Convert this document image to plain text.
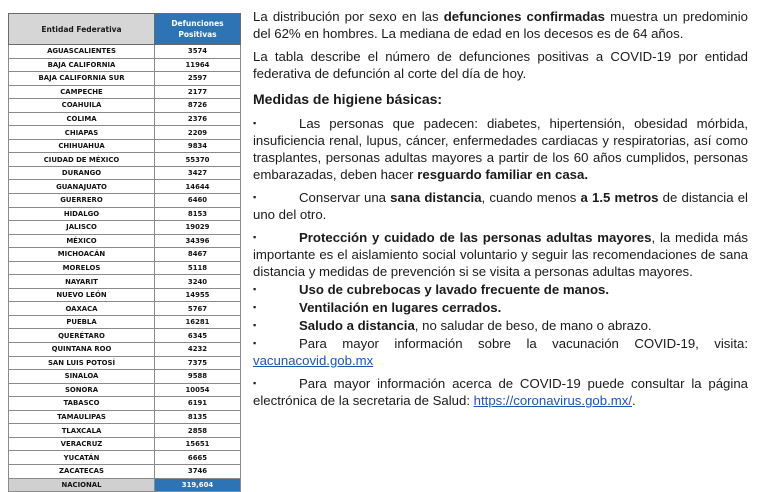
Entidad Federativa	Defunciones Positivas
AGUASCALIENTES	3574
BAJA CALIFORNIA	11964
BAJA CALIFORNIA SUR	2597
CAMPECHE	2177
COAHUILA	8726
COLIMA	2376
CHIAPAS	2209
CHIHUAHUA	9834
CIUDAD DE MÉXICO	55370
DURANGO	3427
GUANAJUATO	14644
GUERRERO	6460
HIDALGO	8153
JALISCO	19029
MÉXICO	34396
MICHOACÁN	8467
MORELOS	5118
NAYARIT	3240
NUEVO LEÓN	14955
OAXACA	5767
PUEBLA	16281
QUERÉTARO	6345
QUINTANA ROO	4232
SAN LUIS POTOSÍ	7375
SINALOA	9588
SONORA	10054
TABASCO	6191
TAMAULIPAS	8135
TLAXCALA	2858
VERACRUZ	15651
YUCATÁN	6665
ZACATECAS	3746
NACIONAL	319,604

La distribución por sexo en las defunciones confirmadas muestra un predominio del 62% en hombres. La mediana de edad en los decesos es de 64 años.

La tabla describe el número de defunciones positivas a COVID-19 por entidad federativa de defunción al corte del día de hoy.

Medidas de higiene básicas:

▪	Las personas que padecen: diabetes, hipertensión, obesidad mórbida, insuficiencia renal, lupus, cáncer, enfermedades cardiacas y respiratorias, así como trasplantes, personas adultas mayores a partir de los 60 años cumplidos, personas embarazadas, deben hacer resguardo familiar en casa.

▪	Conservar una sana distancia, cuando menos a 1.5 metros de distancia el uno del otro.

▪	Protección y cuidado de las personas adultas mayores, la medida más importante es el aislamiento social voluntario y seguir las recomendaciones de sana distancia y medidas de prevención si se visita a personas adultas mayores.

▪	Uso de cubrebocas y lavado frecuente de manos.

▪	Ventilación en lugares cerrados.

▪	Saludo a distancia, no saludar de beso, de mano o abrazo.

▪	Para mayor información sobre la vacunación COVID-19, visita: vacunacovid.gob.mx

▪	Para mayor información acerca de COVID-19 puede consultar la página electrónica de la secretaria de Salud: https://coronavirus.gob.mx/.
